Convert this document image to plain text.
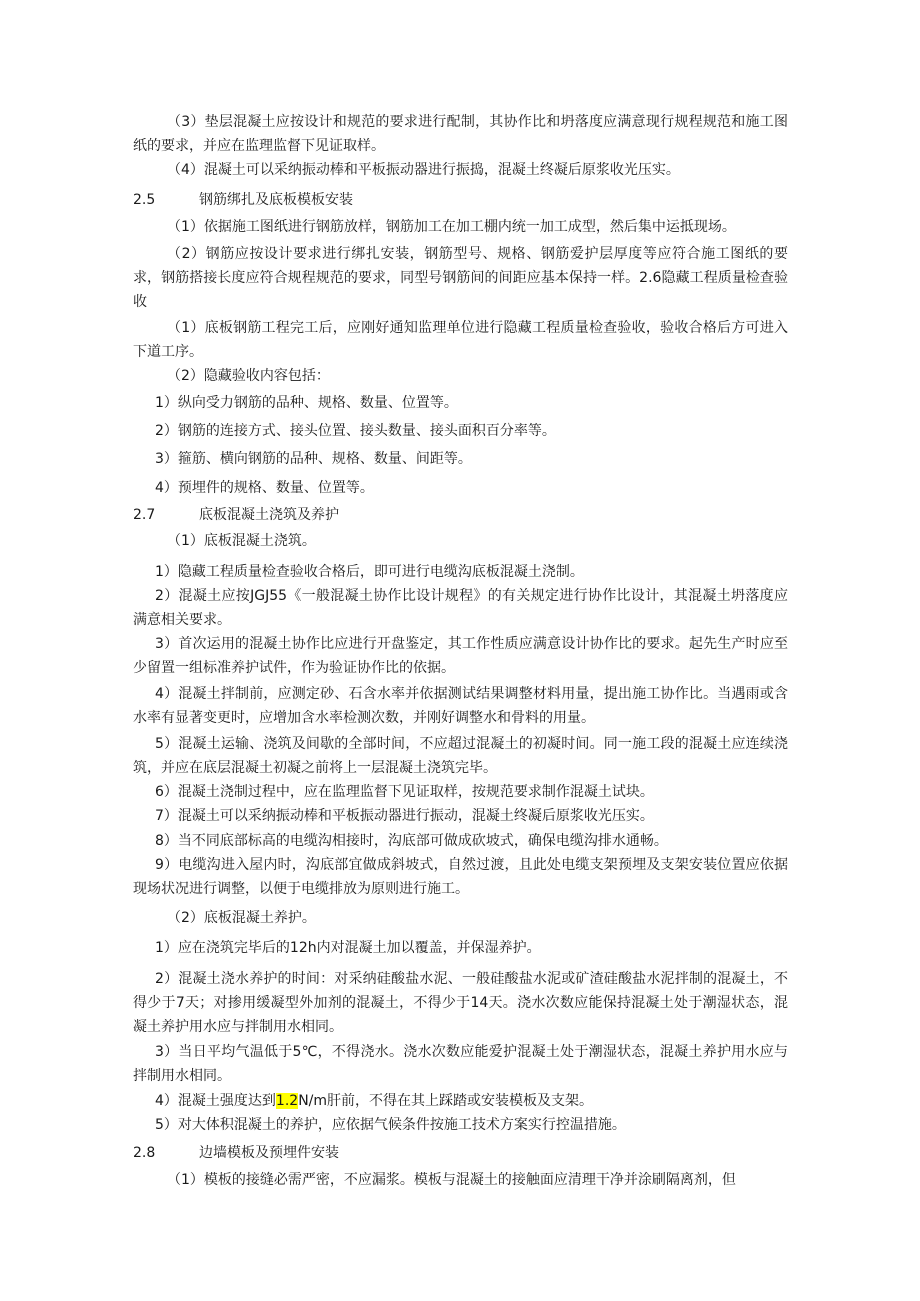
（3）垫层混凝土应按设计和规范的要求进行配制，其协作比和坍落度应满意现行规程规范和施工图纸的要求，并应在监理监督下见证取样。
（4）混凝土可以采纳振动棒和平板振动器进行振捣，混凝土终凝后原浆收光压实。
2.5	钢筋绑扎及底板模板安装
（1）依据施工图纸进行钢筋放样，钢筋加工在加工棚内统一加工成型，然后集中运抵现场。
（2）钢筋应按设计要求进行绑扎安装，钢筋型号、规格、钢筋爱护层厚度等应符合施工图纸的要求，钢筋搭接长度应符合规程规范的要求，同型号钢筋间的间距应基本保持一样。2.6隐藏工程质量检查验收
（1）底板钢筋工程完工后，应刚好通知监理单位进行隐藏工程质量检查验收，验收合格后方可进入下道工序。
（2）隐藏验收内容包括：
1）纵向受力钢筋的品种、规格、数量、位置等。
2）钢筋的连接方式、接头位置、接头数量、接头面积百分率等。
3）箍筋、横向钢筋的品种、规格、数量、间距等。
4）预埋件的规格、数量、位置等。
2.7	底板混凝土浇筑及养护
（1）底板混凝土浇筑。
1）隐藏工程质量检查验收合格后，即可进行电缆沟底板混凝土浇制。
2）混凝土应按JGJ55《一般混凝土协作比设计规程》的有关规定进行协作比设计，其混凝土坍落度应满意相关要求。
3）首次运用的混凝土协作比应进行开盘鉴定，其工作性质应满意设计协作比的要求。起先生产时应至少留置一组标准养护试件，作为验证协作比的依据。
4）混凝土拌制前，应测定砂、石含水率并依据测试结果调整材料用量，提出施工协作比。当遇雨或含水率有显著变更时，应增加含水率检测次数，并刚好调整水和骨料的用量。
5）混凝土运输、浇筑及间歇的全部时间，不应超过混凝土的初凝时间。同一施工段的混凝土应连续浇筑，并应在底层混凝土初凝之前将上一层混凝土浇筑完毕。
6）混凝土浇制过程中，应在监理监督下见证取样，按规范要求制作混凝土试块。
7）混凝土可以采纳振动棒和平板振动器进行振动，混凝土终凝后原浆收光压实。
8）当不同底部标高的电缆沟相接时，沟底部可做成砍坡式，确保电缆沟排水通畅。
9）电缆沟进入屋内时，沟底部宜做成斜坡式，自然过渡，且此处电缆支架预埋及支架安装位置应依据现场状况进行调整，以便于电缆排放为原则进行施工。
（2）底板混凝土养护。
1）应在浇筑完毕后的12h内对混凝土加以覆盖，并保湿养护。
2）混凝土浇水养护的时间：对采纳硅酸盐水泥、一般硅酸盐水泥或矿渣硅酸盐水泥拌制的混凝土，不得少于7天；对掺用缓凝型外加剂的混凝土，不得少于14天。浇水次数应能保持混凝土处于潮湿状态，混凝土养护用水应与拌制用水相同。
3）当日平均气温低于5℃，不得浇水。浇水次数应能爱护混凝土处于潮湿状态，混凝土养护用水应与拌制用水相同。
4）混凝土强度达到1.2N/m肝前，不得在其上踩踏或安装模板及支架。
5）对大体积混凝土的养护，应依据气候条件按施工技术方案实行控温措施。
2.8	边墙模板及预埋件安装
（1）模板的接缝必需严密，不应漏浆。模板与混凝土的接触面应清理干净并涂刷隔离剂，但
